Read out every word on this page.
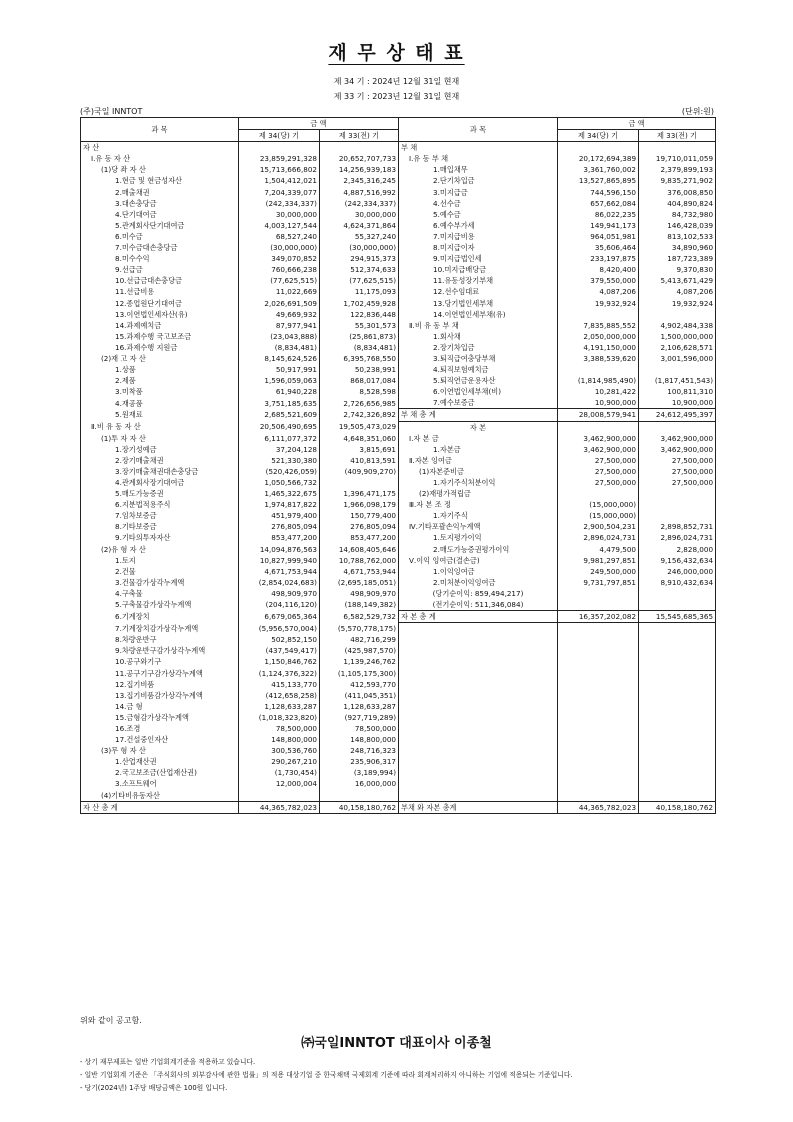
재 무 상 태 표
제 34 기 : 2024년 12월 31일 현재
제 33 기 : 2023년 12월 31일 현재
(주)국일 INNTOT	(단위:원)
과 목	금 액		과 목	금 액	
	제 34(당) 기	제 33(전) 기		제 34(당) 기	제 33(전) 기
자 산			부 채		
Ⅰ.유 동 자 산	23,859,291,328	20,652,707,733	Ⅰ.유 동 부 채	20,172,694,389	19,710,011,059
(1)당 좌 자 산	15,713,666,802	14,256,939,183	1.매입채무	3,361,760,002	2,379,899,193
1.현금 및 현금성자산	1,504,412,021	2,345,316,245	2.단기차입금	13,527,865,895	9,835,271,902
2.매출채권	7,204,339,077	4,887,516,992	3.미지급금	744,596,150	376,008,850
3.대손충당금	(242,334,337)	(242,334,337)	4.선수금	657,662,084	404,890,824
4.단기대여금	30,000,000	30,000,000	5.예수금	86,022,235	84,732,980
5.관계회사단기대여금	4,003,127,544	4,624,371,864	6.예수부가세	149,941,173	146,428,039
6.미수금	68,527,240	55,327,240	7.미지급비용	964,051,981	813,102,533
7.미수금대손충당금	(30,000,000)	(30,000,000)	8.미지급이자	35,606,464	34,890,960
8.미수수익	349,070,852	294,915,373	9.미지급법인세	233,197,875	187,723,389
9.선급금	760,666,238	512,374,633	10.미지급배당금	8,420,400	9,370,830
10.선급금대손충당금	(77,625,515)	(77,625,515)	11.유동성장기부채	379,550,000	5,413,671,429
11.선급비용	11,022,669	11,175,093	12.선수임대료	4,087,206	4,087,206
12.종업원단기대여금	2,026,691,509	1,702,459,928	13.당기법인세부채	19,932,924	19,932,924
13.이연법인세자산(유)	49,669,932	122,836,448	14.이연법인세부채(유)		
14.과제예치금	87,977,941	55,301,573	Ⅱ.비 유 동 부 채	7,835,885,552	4,902,484,338
15.과제수행 국고보조금	(23,043,888)	(25,861,873)	1.회사채	2,050,000,000	1,500,000,000
16.과제수행 지원금	(8,834,481)	(8,834,481)	2.장기차입금	4,191,150,000	2,106,628,571
(2)재 고 자 산	8,145,624,526	6,395,768,550	3.퇴직급여충당부채	3,388,539,620	3,001,596,000
1.상품	50,917,991	50,238,991	4.퇴직보험예치금		
2.제품	1,596,059,063	868,017,084	5.퇴직연금운용자산	(1,814,985,490)	(1,817,451,543)
3.미착품	61,940,228	8,528,598	6.이연법인세부채(비)	10,281,422	100,811,310
4.재공품	3,751,185,635	2,726,656,985	7.예수보증금	10,900,000	10,900,000
5.원재료	2,685,521,609	2,742,326,892	부 채 총 계	28,008,579,941	24,612,495,397
Ⅱ.비 유 동 자 산	20,506,490,695	19,505,473,029	자 본		
(1)투 자 자 산	6,111,077,372	4,648,351,060	Ⅰ.자 본 금	3,462,900,000	3,462,900,000
1.장기성예금	37,204,128	3,815,691	1.자본금	3,462,900,000	3,462,900,000
2.장기매출채권	521,330,380	410,813,591	Ⅱ.자본 잉여금	27,500,000	27,500,000
3.장기매출채권대손충당금	(520,426,059)	(409,909,270)	(1)자본준비금	27,500,000	27,500,000
4.관계회사장기대여금	1,050,566,732		1.자기주식처분이익	27,500,000	27,500,000
5.매도가능증권	1,465,322,675	1,396,471,175	(2)재평가적립금		
6.지분법적용주식	1,974,817,822	1,966,098,179	Ⅲ.자 본 조 정	(15,000,000)	
7.임차보증금	451,979,400	150,779,400	1.자기주식	(15,000,000)	
8.기타보증금	276,805,094	276,805,094	Ⅳ.기타포괄손익누계액	2,900,504,231	2,898,852,731
9.기타의투자자산	853,477,200	853,477,200	1.토지평가이익	2,896,024,731	2,896,024,731
(2)유 형 자 산	14,094,876,563	14,608,405,646	2.매도가능증권평가이익	4,479,500	2,828,000
1.토지	10,827,999,940	10,788,762,000	Ⅴ.이익 잉여금(결손금)	9,981,297,851	9,156,432,634
2.건물	4,671,753,944	4,671,753,944	1.이익잉여금	249,500,000	246,000,000
3.건물감가상각누계액	(2,854,024,683)	(2,695,185,051)	2.미처분이익잉여금	9,731,797,851	8,910,432,634
4.구축물	498,909,970	498,909,970	(당기순이익: 859,494,217)		
5.구축물감가상각누계액	(204,116,120)	(188,149,382)	(전기순이익: 511,346,084)		
6.기계장치	6,679,065,364	6,582,529,732	자 본 총 계	16,357,202,082	15,545,685,365
7.기계장치감가상각누계액	(5,956,570,004)	(5,570,778,175)			
8.차량운반구	502,852,150	482,716,299			
9.차량운반구감가상각누계액	(437,549,417)	(425,987,570)			
10.공구와기구	1,150,846,762	1,139,246,762			
11.공구기구감가상각누계액	(1,124,376,322)	(1,105,175,300)			
12.집기비품	415,133,770	412,593,770			
13.집기비품감가상각누계액	(412,658,258)	(411,045,351)			
14.금 형	1,128,633,287	1,128,633,287			
15.금형감가상각누계액	(1,018,323,820)	(927,719,289)			
16.조경	78,500,000	78,500,000			
17.건설중인자산	148,800,000	148,800,000			
(3)무 형 자 산	300,536,760	248,716,323			
1.산업재산권	290,267,210	235,906,317			
2.국고보조금(산업재산권)	(1,730,454)	(3,189,994)			
3.소프트웨어	12,000,004	16,000,000			
(4)기타비유동자산					
자 산 총 계	44,365,782,023	40,158,180,762	부채 와 자본 총계	44,365,782,023	40,158,180,762
위와 같이 공고함.
㈜국일INNTOT 대표이사 이종철
- 상기 재무제표는 일반 기업회계기준을 적용하고 있습니다.
- 일반 기업회계 기준은 「주식회사의 외부감사에 관한 법률」의 적용 대상기업 중 한국채택 국제회계 기준에 따라 회계처리하지 아니하는 기업에 적용되는 기준입니다.
- 당기(2024년) 1주당 배당금액은 100원 입니다.
